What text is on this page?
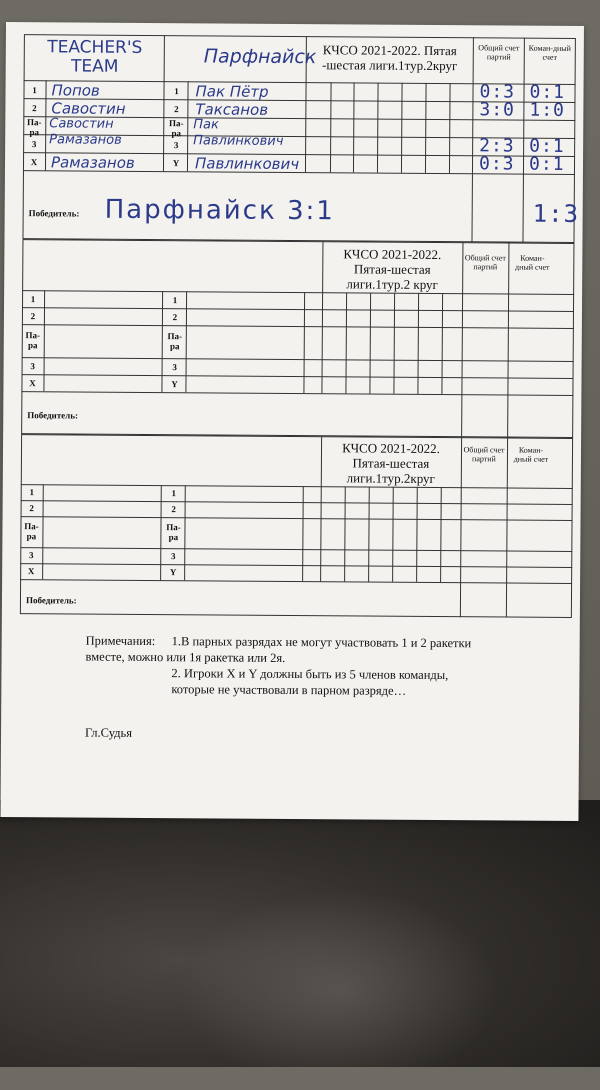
TEACHER'S TEAM	Парфнайск КЧСО 2021-2022. Пятая -шестая лиги.1тур.2круг
Общий счет партий
Коман-дный счет
1
2
Па-ра
3
X
1
2
Па-ра
3
Y
Попов
Савостин
Савостин Рамазанов
Рамазанов
Пак Пётр
Таксанов
Пак Павлинкович
Павлинкович
0:3
3:0
2:3
0:3
0:1
1:0
0:1
0:1
Победитель: Парфнайск 3:1	1:3
КЧСО 2021-2022. Пятая-шестая лиги.1тур.2 круг
Общий счет партий
Коман-дный счет
1
2
Па-ра
3
X
1
2
Па-ра
3
Y
Победитель:
КЧСО 2021-2022. Пятая-шестая лиги.1тур.2круг
Общий счет партий
Коман-дный счет
1
2
Па-ра
3
X
1
2
Па-ра
3
Y
Победитель:
Примечания: 1.В парных разрядах не могут участвовать 1 и 2 ракетки
вместе, можно или 1я ракетка или 2я.
2. Игроки X и Y должны быть из 5 членов команды,
которые не участвовали в парном разряде…
Гл.Судья
